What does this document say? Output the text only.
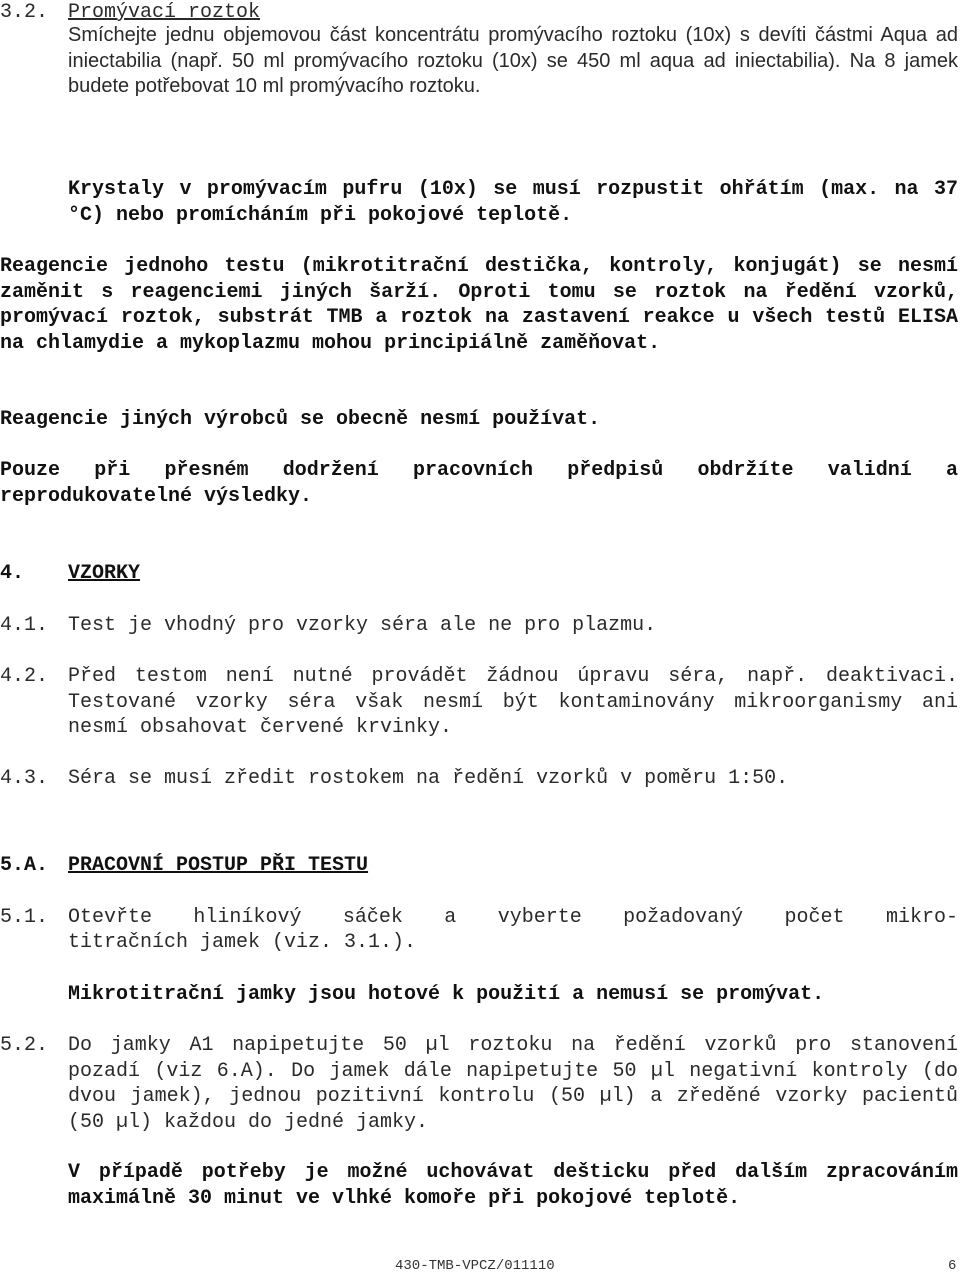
3.2. Promývací roztok
Smíchejte jednu objemovou část koncentrátu promývacího roztoku (10x) s devíti částmi Aqua ad iniectabilia (např. 50 ml promývacího roztoku (10x) se 450 ml aqua ad iniectabilia). Na 8 jamek budete potřebovat 10 ml promývacího roztoku.
Krystaly v promývacím pufru (10x) se musí rozpustit ohřátím (max. na 37 °C) nebo promícháním při pokojové teplotě.
Reagencie jednoho testu (mikrotitrační destička, kontroly, konjugát) se nesmí zaměnit s reagenciemi jiných šarží. Oproti tomu se roztok na ředění vzorků, promývací roztok, substrát TMB a roztok na zastavení reakce u všech testů ELISA na chlamydie a mykoplazmu mohou principiálně zaměňovat.
Reagencie jiných výrobců se obecně nesmí používat.
Pouze při přesném dodržení pracovních předpisů obdržíte validní a reprodukovatelné výsledky.
4. VZORKY
4.1. Test je vhodný pro vzorky séra ale ne pro plazmu.
4.2. Před testom není nutné provádět žádnou úpravu séra, např. deaktivaci. Testované vzorky séra však nesmí být kontaminovány mikroorganismy ani nesmí obsahovat červené krvinky.
4.3. Séra se musí zředit rostokem na ředění vzorků v poměru 1:50.
5.A. PRACOVNÍ POSTUP PŘI TESTU
5.1. Otevřte hliníkový sáček a vyberte požadovaný počet mikro-
titračních jamek (viz. 3.1.).
Mikrotitrační jamky jsou hotové k použití a nemusí se promývat.
5.2. Do jamky A1 napipetujte 50 µl roztoku na ředění vzorků pro stanovení pozadí (viz 6.A). Do jamek dále napipetujte 50 µl negativní kontroly (do dvou jamek), jednou pozitivní kontrolu (50 µl) a zředěné vzorky pacientů (50 µl) každou do jedné jamky.
V případě potřeby je možné uchovávat dešticku před dalším zpracováním maximálně 30 minut ve vlhké komoře při pokojové teplotě.
430-TMB-VPCZ/011110	6
